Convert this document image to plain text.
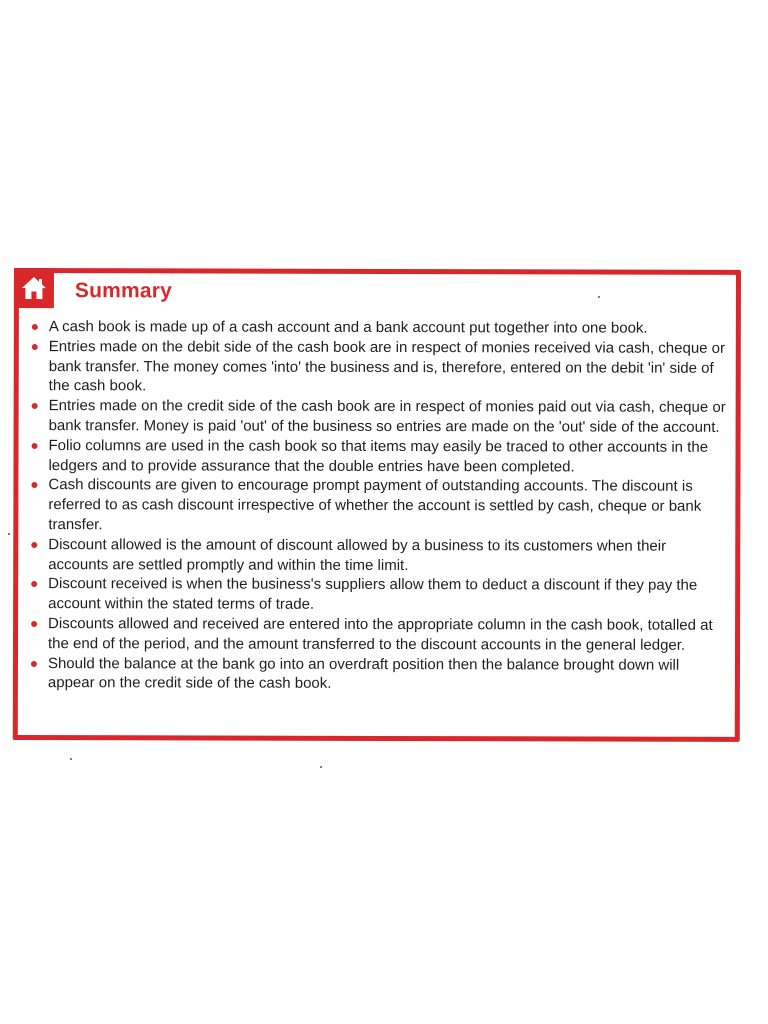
Summary
A cash book is made up of a cash account and a bank account put together into one book.
Entries made on the debit side of the cash book are in respect of monies received via cash, cheque or bank transfer. The money comes 'into' the business and is, therefore, entered on the debit 'in' side of the cash book.
Entries made on the credit side of the cash book are in respect of monies paid out via cash, cheque or bank transfer. Money is paid 'out' of the business so entries are made on the 'out' side of the account.
Folio columns are used in the cash book so that items may easily be traced to other accounts in the ledgers and to provide assurance that the double entries have been completed.
Cash discounts are given to encourage prompt payment of outstanding accounts. The discount is referred to as cash discount irrespective of whether the account is settled by cash, cheque or bank transfer.
Discount allowed is the amount of discount allowed by a business to its customers when their accounts are settled promptly and within the time limit.
Discount received is when the business's suppliers allow them to deduct a discount if they pay the account within the stated terms of trade.
Discounts allowed and received are entered into the appropriate column in the cash book, totalled at the end of the period, and the amount transferred to the discount accounts in the general ledger.
Should the balance at the bank go into an overdraft position then the balance brought down will appear on the credit side of the cash book.
